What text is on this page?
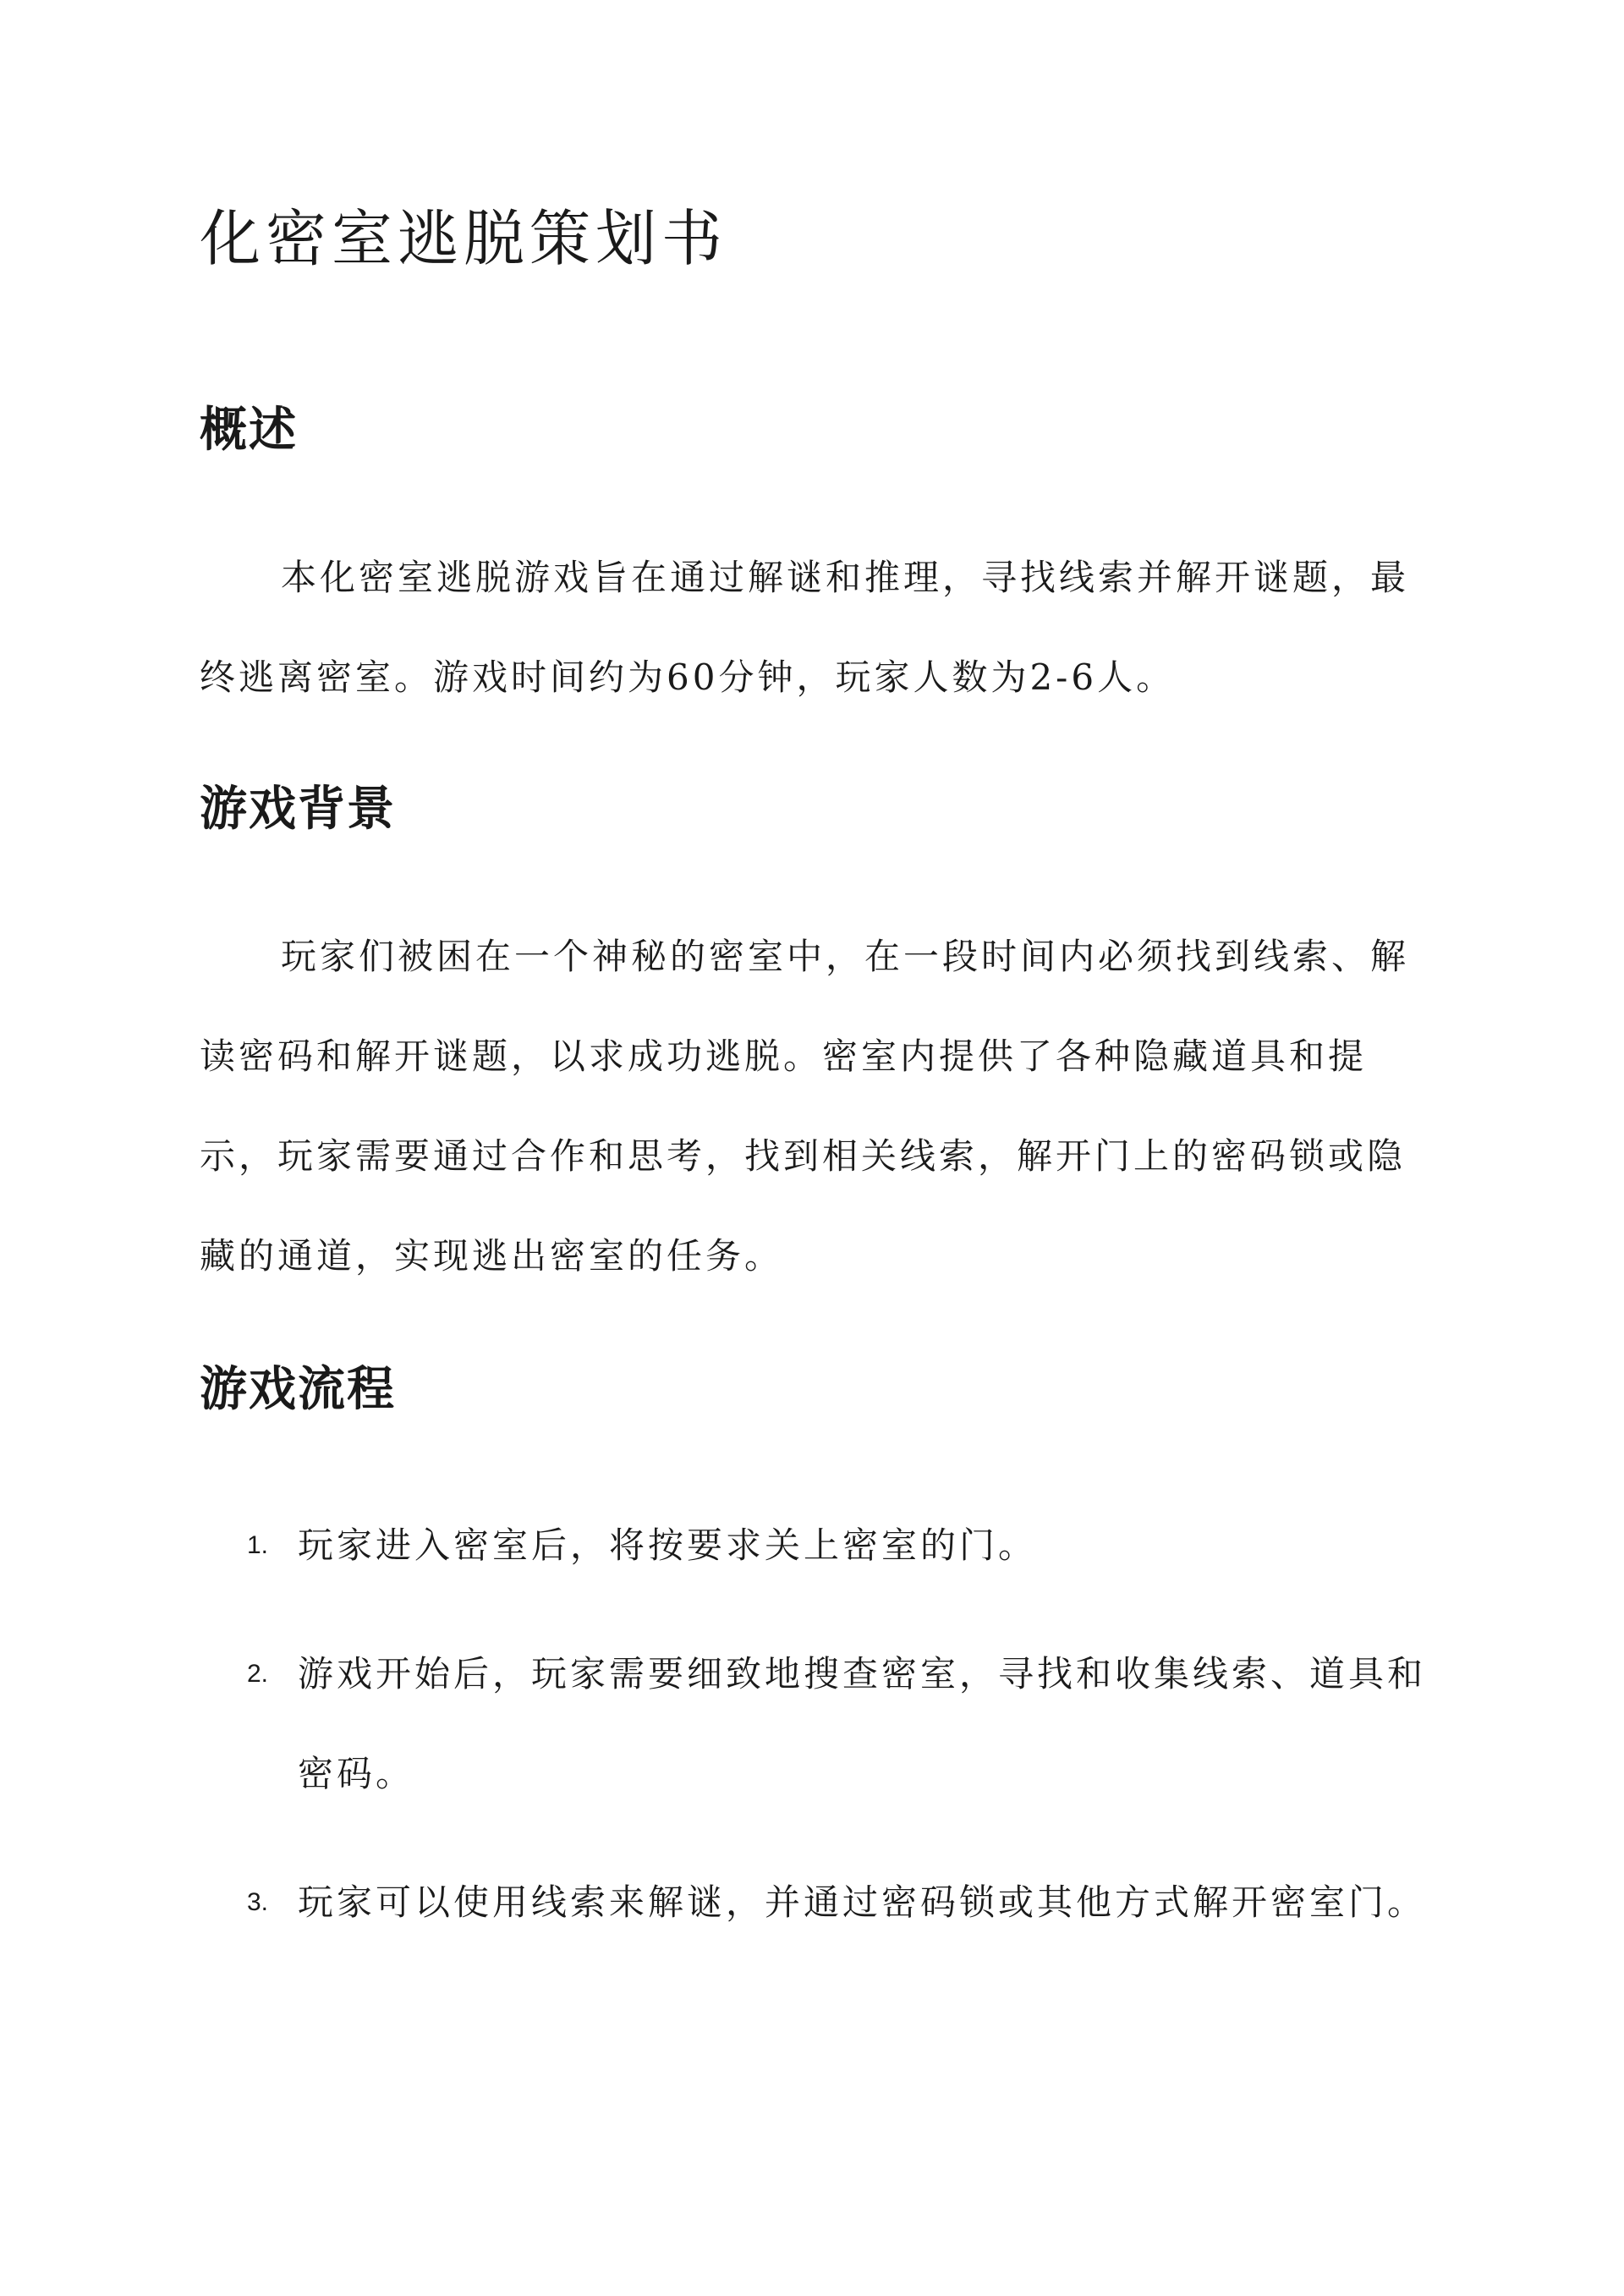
化密室逃脱策划书
概述

本化密室逃脱游戏旨在通过解谜和推理，寻找线索并解开谜题，最终逃离密室。游戏时间约为60分钟，玩家人数为2-6人。

游戏背景

玩家们被困在一个神秘的密室中，在一段时间内必须找到线索、解读密码和解开谜题，以求成功逃脱。密室内提供了各种隐藏道具和提示，玩家需要通过合作和思考，找到相关线索，解开门上的密码锁或隐藏的通道，实现逃出密室的任务。

游戏流程
1. 玩家进入密室后，将按要求关上密室的门。
2. 游戏开始后，玩家需要细致地搜查密室，寻找和收集线索、道具和密码。
3. 玩家可以使用线索来解谜，并通过密码锁或其他方式解开密室门。
